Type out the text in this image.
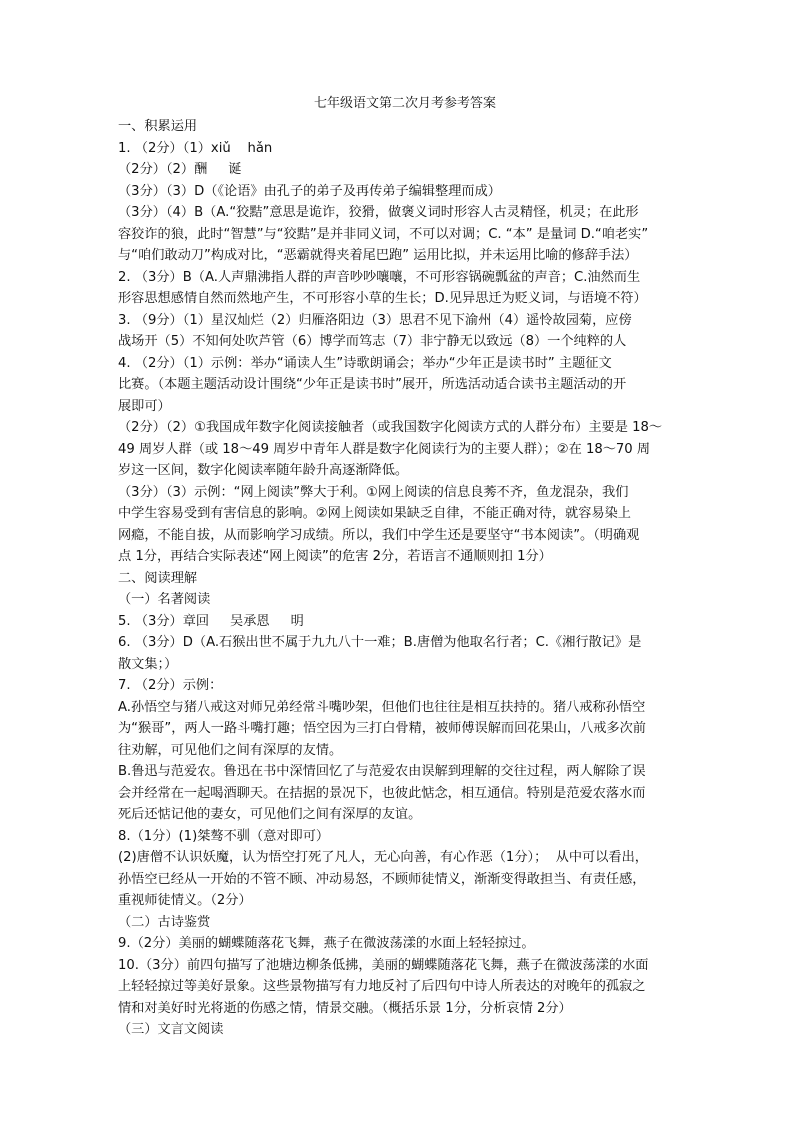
七年级语文第二次月考参考答案
一、积累运用
1. （2分）（1）xiǔ    hǎn
（2分）（2）酬     诞
（3分）（3）D（《论语》由孔子的弟子及再传弟子编辑整理而成）
（3分）（4）B（A.“狡黠”意思是诡诈，狡猾，做褒义词时形容人古灵精怪，机灵；在此形
容狡诈的狼，此时“智慧”与“狡黠”是并非同义词，不可以对调；C. “本” 是量词 D.“咱老实”
与“咱们敢动刀”构成对比，“恶霸就得夹着尾巴跑” 运用比拟，并未运用比喻的修辞手法）
2. （3分）B（A.人声鼎沸指人群的声音吵吵嚷嚷，不可形容锅碗瓢盆的声音；C.油然而生
形容思想感情自然而然地产生，不可形容小草的生长；D.见异思迁为贬义词，与语境不符）
3. （9分）（1）星汉灿烂（2）归雁洛阳边（3）思君不见下渝州（4）遥怜故园菊，应傍
战场开（5）不知何处吹芦管（6）博学而笃志（7）非宁静无以致远（8）一个纯粹的人
4. （2分）（1）示例：举办“诵读人生”诗歌朗诵会；举办“少年正是读书时” 主题征文
比赛。（本题主题活动设计围绕“少年正是读书时”展开，所选活动适合读书主题活动的开
展即可）
（2分）（2）①我国成年数字化阅读接触者（或我国数字化阅读方式的人群分布）主要是 18～
49 周岁人群（或 18～49 周岁中青年人群是数字化阅读行为的主要人群）；②在 18～70 周
岁这一区间，数字化阅读率随年龄升高逐渐降低。
（3分）（3）示例：“网上阅读”弊大于利。①网上阅读的信息良莠不齐，鱼龙混杂，我们
中学生容易受到有害信息的影响。②网上阅读如果缺乏自律，不能正确对待，就容易染上
网瘾，不能自拔，从而影响学习成绩。所以，我们中学生还是要坚守“书本阅读”。（明确观
点 1分，再结合实际表述“网上阅读”的危害 2分，若语言不通顺则扣 1分）
二、阅读理解
（一）名著阅读
5. （3分）章回     吴承恩     明
6. （3分）D（A.石猴出世不属于九九八十一难；B.唐僧为他取名行者；C.《湘行散记》是
散文集；）
7. （2分）示例：
A.孙悟空与猪八戒这对师兄弟经常斗嘴吵架，但他们也往往是相互扶持的。猪八戒称孙悟空
为“猴哥”，两人一路斗嘴打趣；悟空因为三打白骨精，被师傅误解而回花果山，八戒多次前
往劝解，可见他们之间有深厚的友情。
B.鲁迅与范爱农。鲁迅在书中深情回忆了与范爱农由误解到理解的交往过程，两人解除了误
会并经常在一起喝酒聊天。在拮据的景况下，也彼此惦念，相互通信。特别是范爱农落水而
死后还惦记他的妻女，可见他们之间有深厚的友谊。
8.（1分）(1)桀骜不驯（意对即可）
(2)唐僧不认识妖魔，认为悟空打死了凡人，无心向善，有心作恶（1分）；  从中可以看出，
孙悟空已经从一开始的不管不顾、冲动易怒，不顾师徒情义，渐渐变得敢担当、有责任感，
重视师徒情义。（2分）
（二）古诗鉴赏
9.（2分）美丽的蝴蝶随落花飞舞，燕子在微波荡漾的水面上轻轻掠过。
10.（3分）前四句描写了池塘边柳条低拂，美丽的蝴蝶随落花飞舞，燕子在微波荡漾的水面
上轻轻掠过等美好景象。这些景物描写有力地反衬了后四句中诗人所表达的对晚年的孤寂之
情和对美好时光将逝的伤感之情，情景交融。（概括乐景 1分，分析哀情 2分）
（三）文言文阅读
